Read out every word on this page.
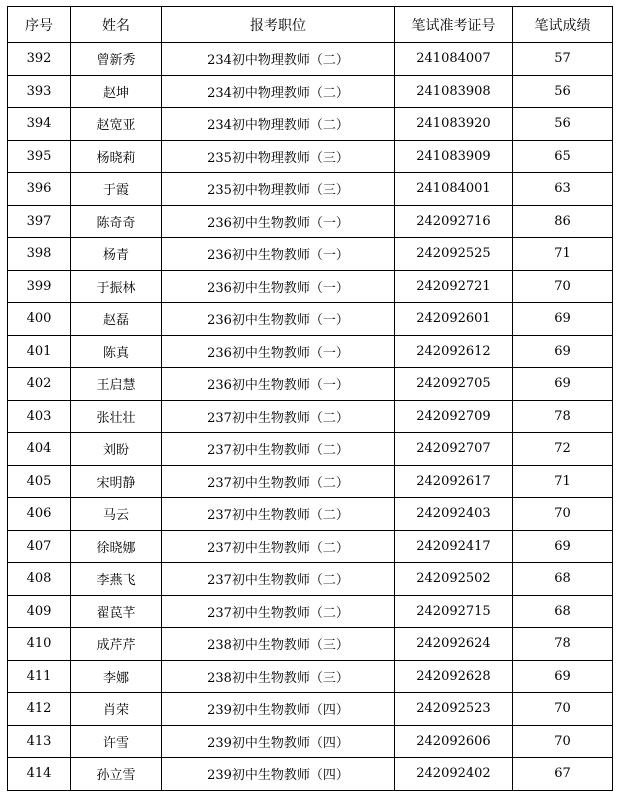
序号	姓名	报考职位	笔试准考证号	笔试成绩
392	曾新秀	234初中物理教师（二）	241084007	57
393	赵坤	234初中物理教师（二）	241083908	56
394	赵宽亚	234初中物理教师（二）	241083920	56
395	杨晓莉	235初中物理教师（三）	241083909	65
396	于霞	235初中物理教师（三）	241084001	63
397	陈奇奇	236初中生物教师（一）	242092716	86
398	杨青	236初中生物教师（一）	242092525	71
399	于振林	236初中生物教师（一）	242092721	70
400	赵磊	236初中生物教师（一）	242092601	69
401	陈真	236初中生物教师（一）	242092612	69
402	王启慧	236初中生物教师（一）	242092705	69
403	张壮壮	237初中生物教师（二）	242092709	78
404	刘盼	237初中生物教师（二）	242092707	72
405	宋明静	237初中生物教师（二）	242092617	71
406	马云	237初中生物教师（二）	242092403	70
407	徐晓娜	237初中生物教师（二）	242092417	69
408	李燕飞	237初中生物教师（二）	242092502	68
409	翟苠芊	237初中生物教师（二）	242092715	68
410	成芹芹	238初中生物教师（三）	242092624	78
411	李娜	238初中生物教师（三）	242092628	69
412	肖荣	239初中生物教师（四）	242092523	70
413	许雪	239初中生物教师（四）	242092606	70
414	孙立雪	239初中生物教师（四）	242092402	67
